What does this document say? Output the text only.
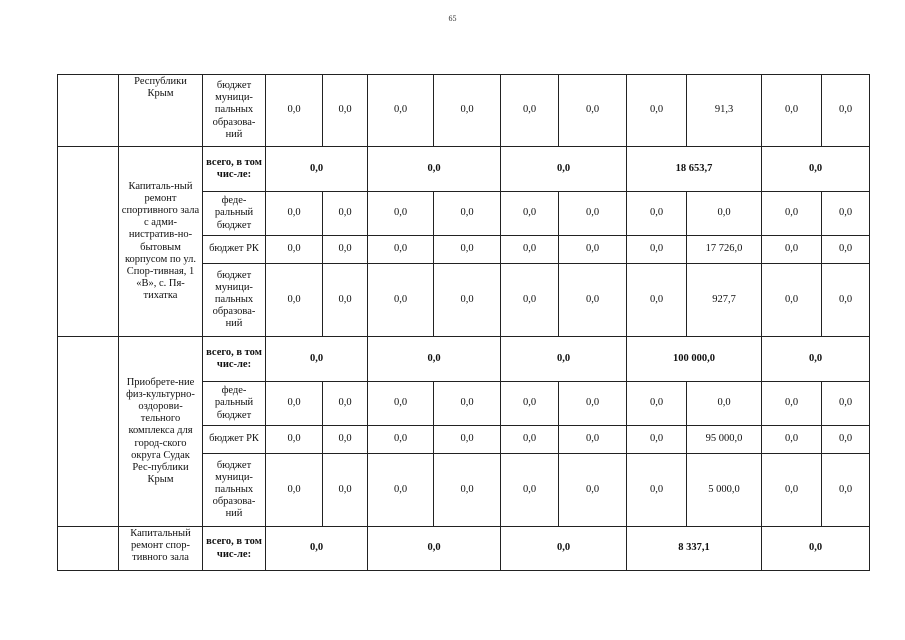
65
	Республики Крым	бюджет муници-пальных образова-ний	0,0	0,0	0,0	0,0	0,0	0,0	0,0	91,3	0,0	0,0
	Капиталь-ный ремонт спортивного зала с адми-нистратив-но-бытовым корпусом по ул. Спор-тивная, 1 «В», с. Пя-тихатка	всего, в том чис-ле:	0,0		0,0		0,0		18 653,7		0,0	
		феде-ральный бюджет	0,0	0,0	0,0	0,0	0,0	0,0	0,0	0,0	0,0	0,0
		бюджет РК	0,0	0,0	0,0	0,0	0,0	0,0	0,0	17 726,0	0,0	0,0
		бюджет муници-пальных образова-ний	0,0	0,0	0,0	0,0	0,0	0,0	0,0	927,7	0,0	0,0
	Приобрете-ние физ-культурно-оздорови-тельного комплекса для город-ского округа Судак Рес-публики Крым	всего, в том чис-ле:	0,0		0,0		0,0		100 000,0		0,0	
		феде-ральный бюджет	0,0	0,0	0,0	0,0	0,0	0,0	0,0	0,0	0,0	0,0
		бюджет РК	0,0	0,0	0,0	0,0	0,0	0,0	0,0	95 000,0	0,0	0,0
		бюджет муници-пальных образова-ний	0,0	0,0	0,0	0,0	0,0	0,0	0,0	5 000,0	0,0	0,0
	Капитальный ремонт спор-тивного зала	всего, в том чис-ле:	0,0		0,0		0,0		8 337,1		0,0	
